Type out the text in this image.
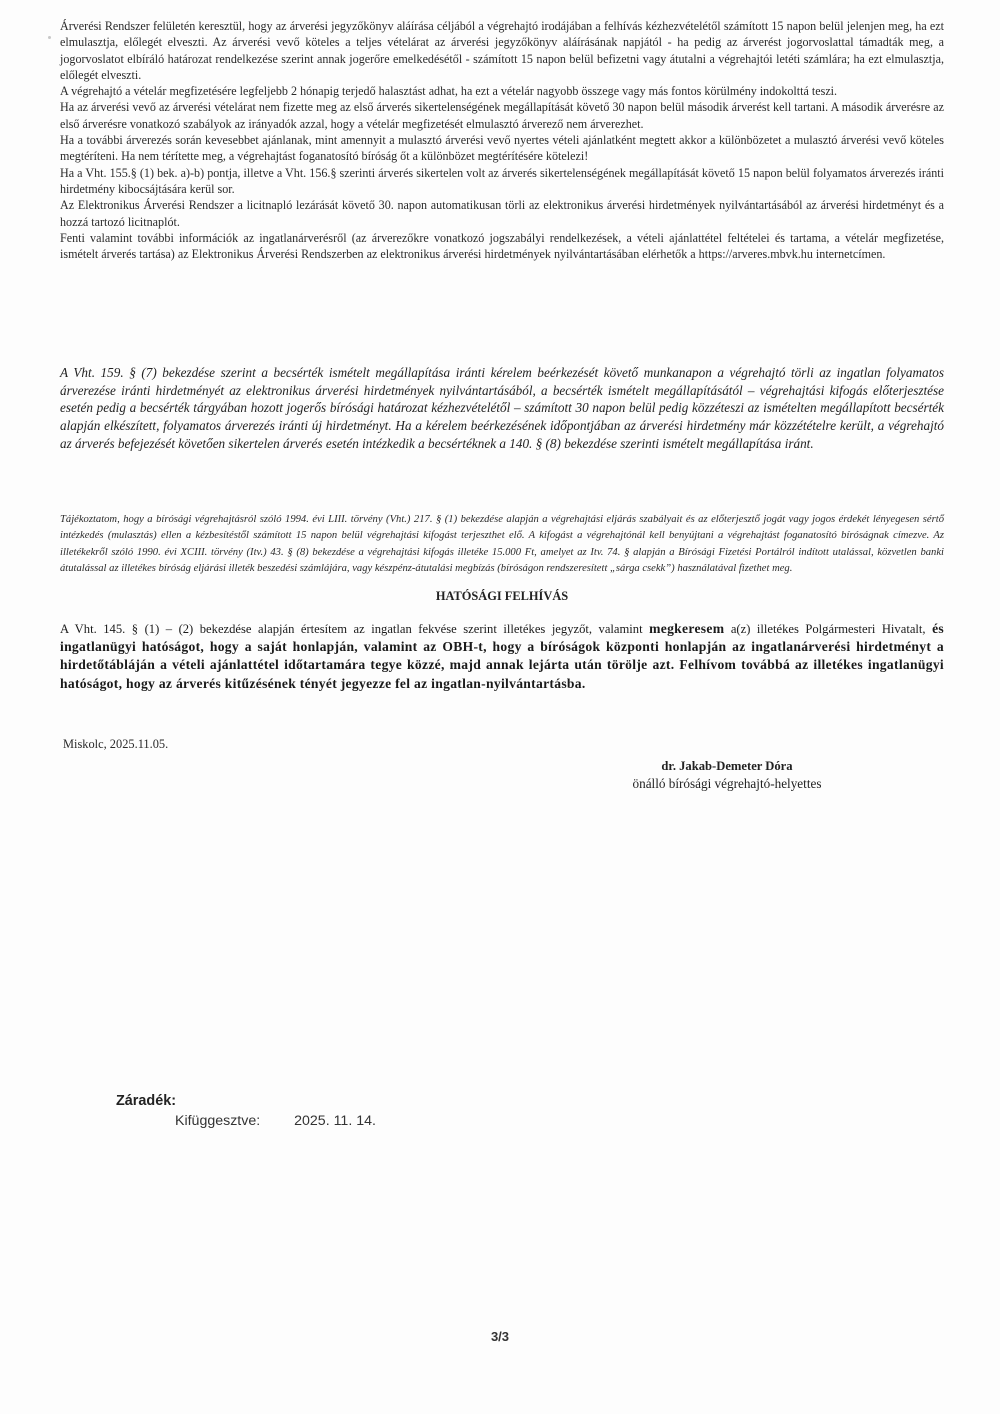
Árverési Rendszer felületén keresztül, hogy az árverési jegyzőkönyv aláírása céljából a végrehajtó irodájában a felhívás kézhezvételétől számított 15 napon belül jelenjen meg, ha ezt elmulasztja, előlegét elveszti. Az árverési vevő köteles a teljes vételárat az árverési jegyzőkönyv aláírásának napjától - ha pedig az árverést jogorvoslattal támadták meg, a jogorvoslatot elbíráló határozat rendelkezése szerint annak jogerőre emelkedésétől - számított 15 napon belül befizetni vagy átutalni a végrehajtói letéti számlára; ha ezt elmulasztja, előlegét elveszti.

A végrehajtó a vételár megfizetésére legfeljebb 2 hónapig terjedő halasztást adhat, ha ezt a vételár nagyobb összege vagy más fontos körülmény indokolttá teszi.

Ha az árverési vevő az árverési vételárat nem fizette meg az első árverés sikertelenségének megállapítását követő 30 napon belül második árverést kell tartani. A második árverésre az első árverésre vonatkozó szabályok az irányadók azzal, hogy a vételár megfizetését elmulasztó árverező nem árverezhet.

Ha a további árverezés során kevesebbet ajánlanak, mint amennyit a mulasztó árverési vevő nyertes vételi ajánlatként megtett akkor a különbözetet a mulasztó árverési vevő köteles megtéríteni. Ha nem térítette meg, a végrehajtást foganatosító bíróság őt a különbözet megtérítésére kötelezi!

Ha a Vht. 155.§ (1) bek. a)-b) pontja, illetve a Vht. 156.§ szerinti árverés sikertelen volt az árverés sikertelenségének megállapítását követő 15 napon belül folyamatos árverezés iránti hirdetmény kibocsájtására kerül sor.

Az Elektronikus Árverési Rendszer a licitnapló lezárását követő 30. napon automatikusan törli az elektronikus árverési hirdetmények nyilvántartásából az árverési hirdetményt és a hozzá tartozó licitnaplót.

Fenti valamint további információk az ingatlanárverésről (az árverezőkre vonatkozó jogszabályi rendelkezések, a vételi ajánlattétel feltételei és tartama, a vételár megfizetése, ismételt árverés tartása) az Elektronikus Árverési Rendszerben az elektronikus árverési hirdetmények nyilvántartásában elérhetők a https://arveres.mbvk.hu internetcímen.

A Vht. 159. § (7) bekezdése szerint a becsérték ismételt megállapítása iránti kérelem beérkezését követő munkanapon a végrehajtó törli az ingatlan folyamatos árverezése iránti hirdetményét az elektronikus árverési hirdetmények nyilvántartásából, a becsérték ismételt megállapításától – végrehajtási kifogás előterjesztése esetén pedig a becsérték tárgyában hozott jogerős bírósági határozat kézhezvételétől – számított 30 napon belül pedig közzéteszi az ismételten megállapított becsérték alapján elkészített, folyamatos árverezés iránti új hirdetményt. Ha a kérelem beérkezésének időpontjában az árverési hirdetmény már közzétételre került, a végrehajtó az árverés befejezését követően sikertelen árverés esetén intézkedik a becsértéknek a 140. § (8) bekezdése szerinti ismételt megállapítása iránt.

Tájékoztatom, hogy a bírósági végrehajtásról szóló 1994. évi LIII. törvény (Vht.) 217. § (1) bekezdése alapján a végrehajtási eljárás szabályait és az előterjesztő jogát vagy jogos érdekét lényegesen sértő intézkedés (mulasztás) ellen a kézbesítéstől számított 15 napon belül végrehajtási kifogást terjeszthet elő. A kifogást a végrehajtónál kell benyújtani a végrehajtást foganatosító bíróságnak címezve. Az illetékekről szóló 1990. évi XCIII. törvény (Itv.) 43. § (8) bekezdése a végrehajtási kifogás illetéke 15.000 Ft, amelyet az Itv. 74. § alapján a Bírósági Fizetési Portálról indított utalással, közvetlen banki átutalással az illetékes bíróság eljárási illeték beszedési számlájára, vagy készpénz-átutalási megbízás (bíróságon rendszeresített „sárga csekk”) használatával fizethet meg.

HATÓSÁGI FELHÍVÁS

A Vht. 145. § (1) – (2) bekezdése alapján értesítem az ingatlan fekvése szerint illetékes jegyzőt, valamint megkeresem a(z) illetékes Polgármesteri Hivatalt, és ingatlanügyi hatóságot, hogy a saját honlapján, valamint az OBH-t, hogy a bíróságok központi honlapján az ingatlanárverési hirdetményt a hirdetőtábláján a vételi ajánlattétel időtartamára tegye közzé, majd annak lejárta után törölje azt. Felhívom továbbá az illetékes ingatlanügyi hatóságot, hogy az árverés kitűzésének tényét jegyezze fel az ingatlan-nyilvántartásba.

Miskolc, 2025.11.05.
dr. Jakab-Demeter Dóra
önálló bírósági végrehajtó-helyettes
Záradék:
Kifüggesztve: 2025. 11. 14.
3/3
